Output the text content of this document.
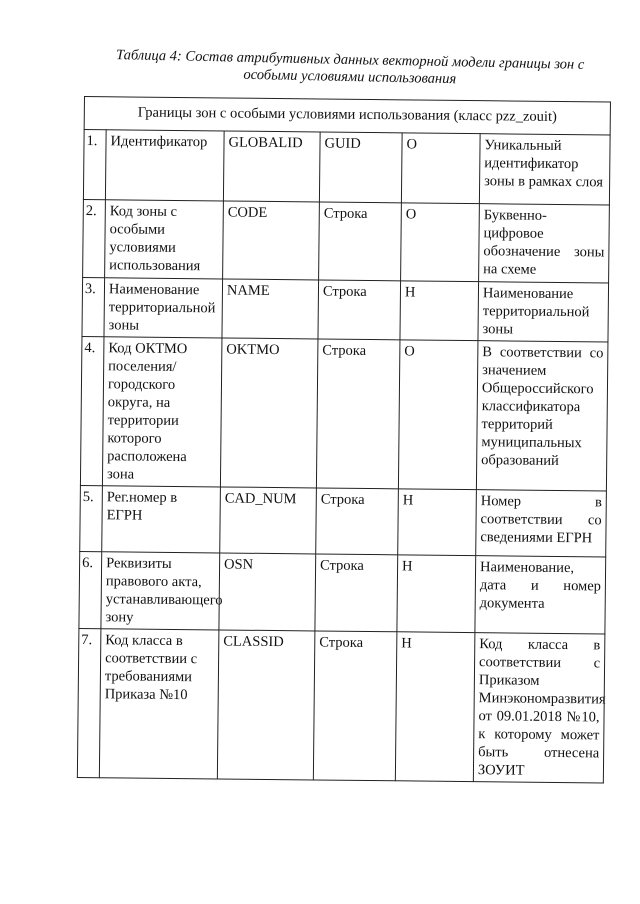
Таблица 4: Состав атрибутивных данных векторной модели границы зон с особыми условиями использования
Границы зон с особыми условиями использования (класс pzz_zouit)					
1.	Идентификатор	GLOBALID	GUID	О	Уникальный идентификатор зоны в рамках слоя
2.	Код зоны с особыми условиями использования	CODE	Строка	О	Буквенно-цифровое обозначение зоны на схеме
3.	Наименование территориальной зоны	NAME	Строка	Н	Наименование территориальной зоны
4.	Код ОКТМО поселения/городского округа, на территории которого расположена зона	OKTMO	Строка	О	В соответствии со значением Общероссийского классификатора территорий муниципальных образований
5.	Рег.номер в ЕГРН	CAD_NUM	Строка	Н	Номер в соответствии со сведениями ЕГРН
6.	Реквизиты правового акта, устанавливающего зону	OSN	Строка	Н	Наименование, дата и номер документа
7.	Код класса в соответствии с требованиями Приказа №10	CLASSID	Строка	Н	Код класса в соответствии с Приказом Минэкономразвития от 09.01.2018 №10, к которому может быть отнесена ЗОУИТ
